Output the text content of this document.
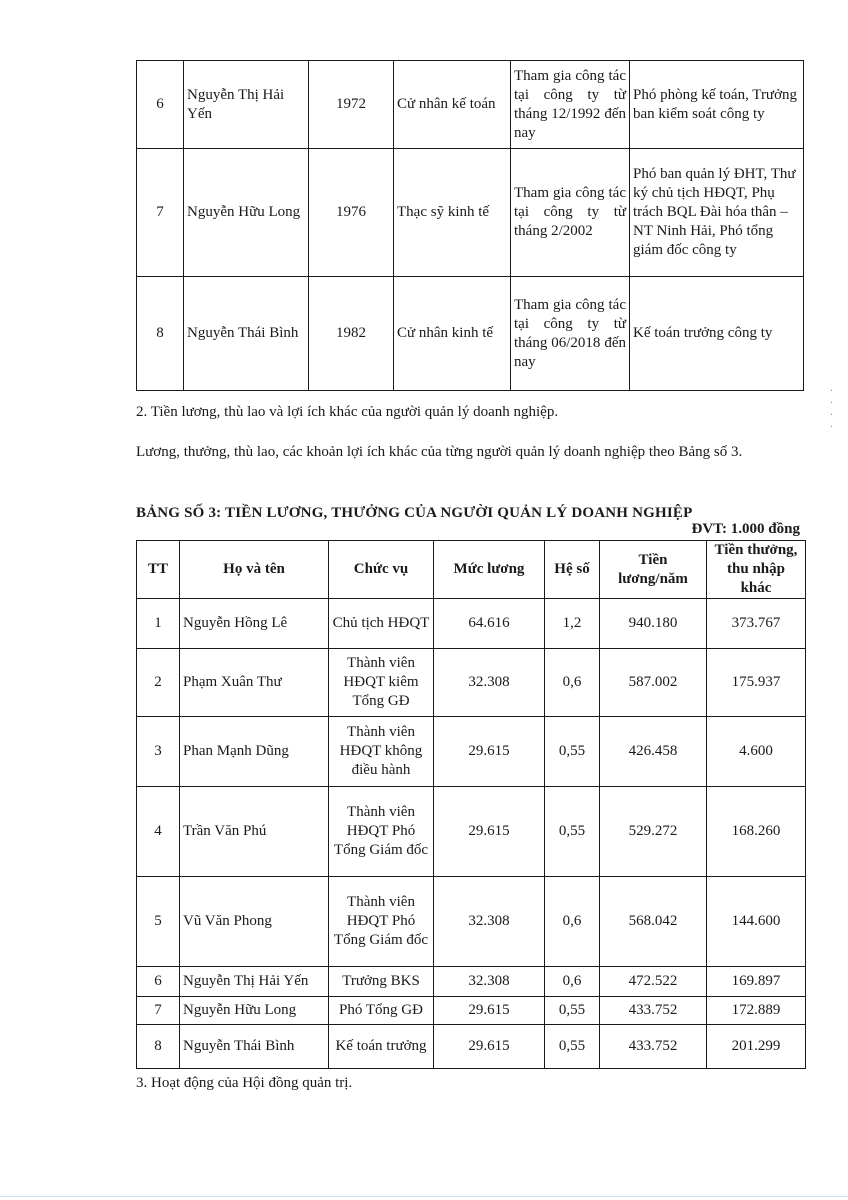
6	Nguyễn Thị Hải Yến	1972	Cử nhân kế toán	Tham gia công tác tại công ty từ tháng 12/1992 đến nay	Phó phòng kế toán, Trưởng ban kiểm soát công ty
7	Nguyễn Hữu Long	1976	Thạc sỹ kinh tế	Tham gia công tác tại công ty từ tháng 2/2002	Phó ban quản lý ĐHT, Thư ký chủ tịch HĐQT, Phụ trách BQL Đài hóa thân – NT Ninh Hải, Phó tổng giám đốc công ty
8	Nguyễn Thái Bình	1982	Cử nhân kinh tế	Tham gia công tác tại công ty từ tháng 06/2018 đến nay	Kế toán trưởng công ty

2. Tiền lương, thù lao và lợi ích khác của người quản lý doanh nghiệp.

Lương, thưởng, thù lao, các khoản lợi ích khác của từng người quản lý doanh nghiệp theo Bảng số 3.

BẢNG SỐ 3: TIỀN LƯƠNG, THƯỞNG CỦA NGƯỜI QUẢN LÝ DOANH NGHIỆP

ĐVT: 1.000 đồng

TT	Họ và tên	Chức vụ	Mức lương	Hệ số	Tiền lương/năm	Tiền thưởng, thu nhập khác
1	Nguyễn Hồng Lê	Chủ tịch HĐQT	64.616	1,2	940.180	373.767
2	Phạm Xuân Thư	Thành viên HĐQT kiêm Tổng GĐ	32.308	0,6	587.002	175.937
3	Phan Mạnh Dũng	Thành viên HĐQT không điều hành	29.615	0,55	426.458	4.600
4	Trần Văn Phú	Thành viên HĐQT Phó Tổng Giám đốc	29.615	0,55	529.272	168.260
5	Vũ Văn Phong	Thành viên HĐQT Phó Tổng Giám đốc	32.308	0,6	568.042	144.600
6	Nguyễn Thị Hải Yến	Trưởng BKS	32.308	0,6	472.522	169.897
7	Nguyễn Hữu Long	Phó Tổng GĐ	29.615	0,55	433.752	172.889
8	Nguyễn Thái Bình	Kế toán trưởng	29.615	0,55	433.752	201.299

3. Hoạt động của Hội đồng quản trị.

·
·
·
·
